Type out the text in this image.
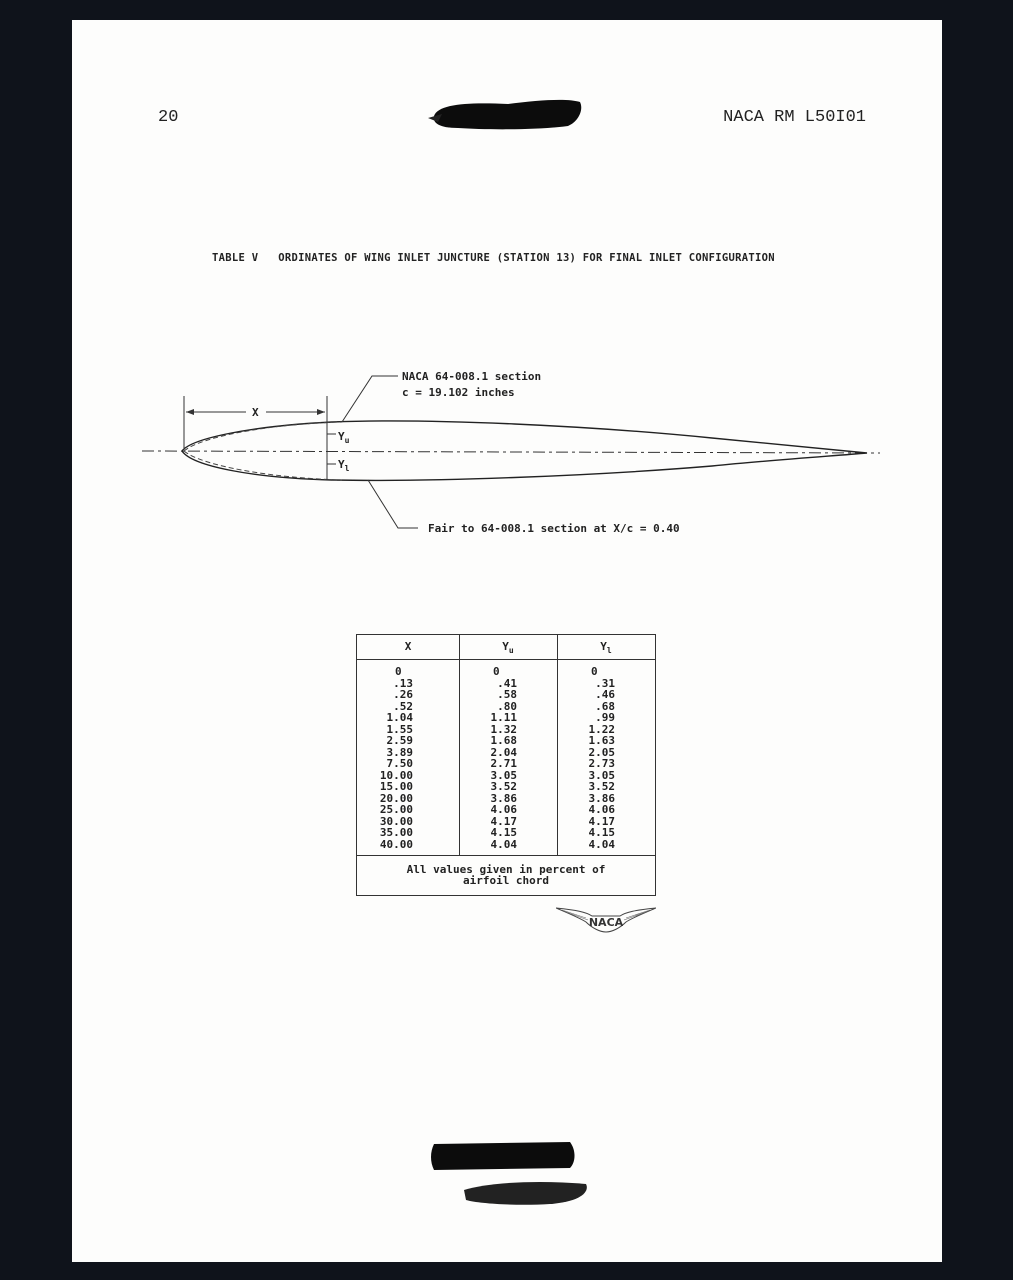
20	NACA RM L50I01
TABLE V   ORDINATES OF WING INLET JUNCTURE (STATION 13) FOR FINAL INLET CONFIGURATION
X
$Y_u$
$Y_l$
NACA 64-008.1 section
c = 19.102 inches
Fair to 64-008.1 section at X/c = 0.40
X
0
.13
.26
.52
1.04
1.55
2.59
3.89
7.50
10.00
15.00
20.00
25.00
30.00
35.00
40.00
$Y_u$
0
.41
.58
.80
1.11
1.32
1.68
2.04
2.71
3.05
3.52
3.86
4.06
4.17
4.15
4.04
$Y_l$
0
.31
.46
.68
.99
1.22
1.63
2.05
2.73
3.05
3.52
3.86
4.06
4.17
4.15
4.04
All values given in percent of
airfoil chord
NACA
